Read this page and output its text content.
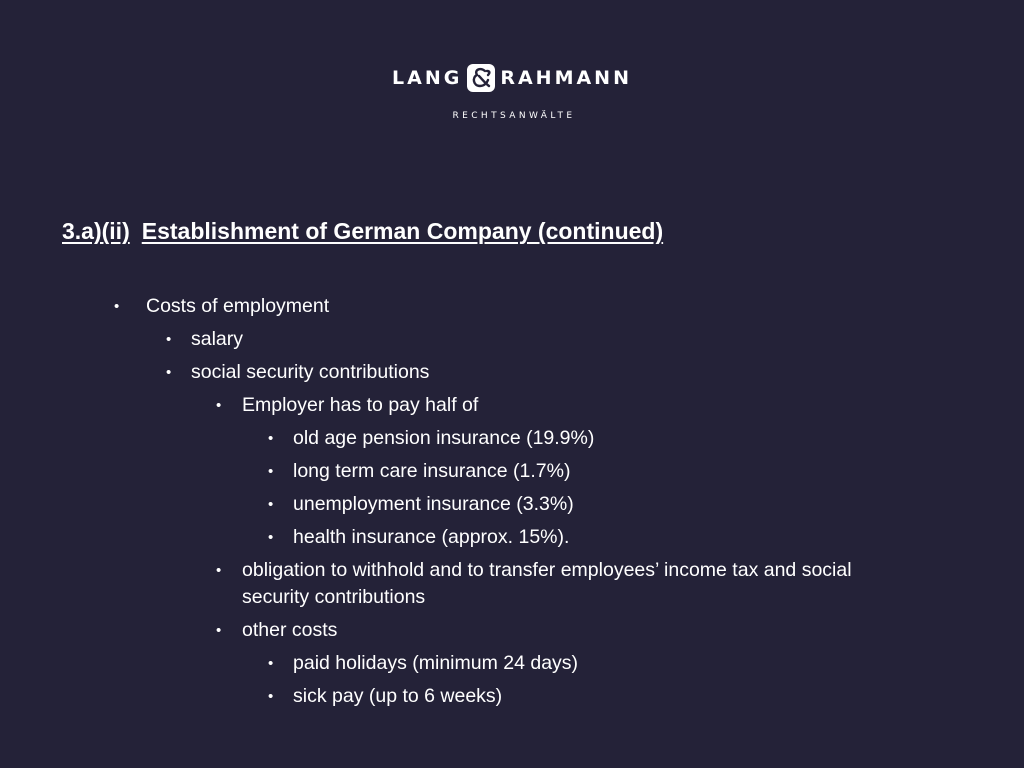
LANG RAHMANN
RECHTSANWÄLTE
3.a)(ii) Establishment of German Company (continued)
• Costs of employment
• salary
• social security contributions
• Employer has to pay half of
• old age pension insurance (19.9%)
• long term care insurance (1.7%)
• unemployment insurance (3.3%)
• health insurance (approx. 15%).
• obligation to withhold and to transfer employees’ income tax and social security contributions
• other costs
• paid holidays (minimum 24 days)
• sick pay (up to 6 weeks)
